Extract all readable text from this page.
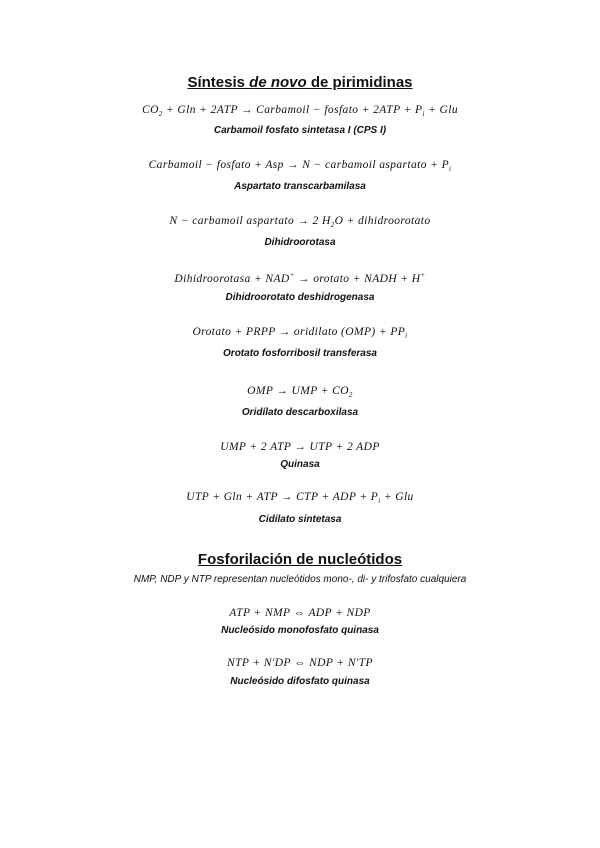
Síntesis de novo de pirimidinas
$CO_2 + Gln + 2ATP$ → Carbamoil − fosfato + $2ATP + P_i$ + Glu
Carbamoil fosfato sintetasa I (CPS I)
Carbamoil − fosfato + Asp → N − carbamoil aspartato + $P_i$
Aspartato transcarbamilasa
N − carbamoil aspartato → 2 $H_2O$ + dihidroorotato
Dihidroorotasa
Dihidroorotasa + NAD+ → orotato + NADH + H+
Dihidroorotato deshidrogenasa
Orotato + PRPP → oridilato $(OMP) + PP_i$
Orotato fosforribosil transferasa
OMP → UMP + $CO_2$
Oridílato descarboxilasa
UMP + 2 ATP → UTP + 2 ADP
Quinasa
UTP + Gln + ATP → CTP + ADP + $P_i$ + Glu
Cidilato sintetasa
Fosforilación de nucleótidos
NMP, NDP y NTP representan nucleótidos mono-, di- y trifosfato cualquiera
ATP + NMP ⇔ ADP + NDP
Nucleósido monofosfato quinasa
NTP + N'DP ⇔ NDP + N'TP
Nucleósido difosfato quinasa
